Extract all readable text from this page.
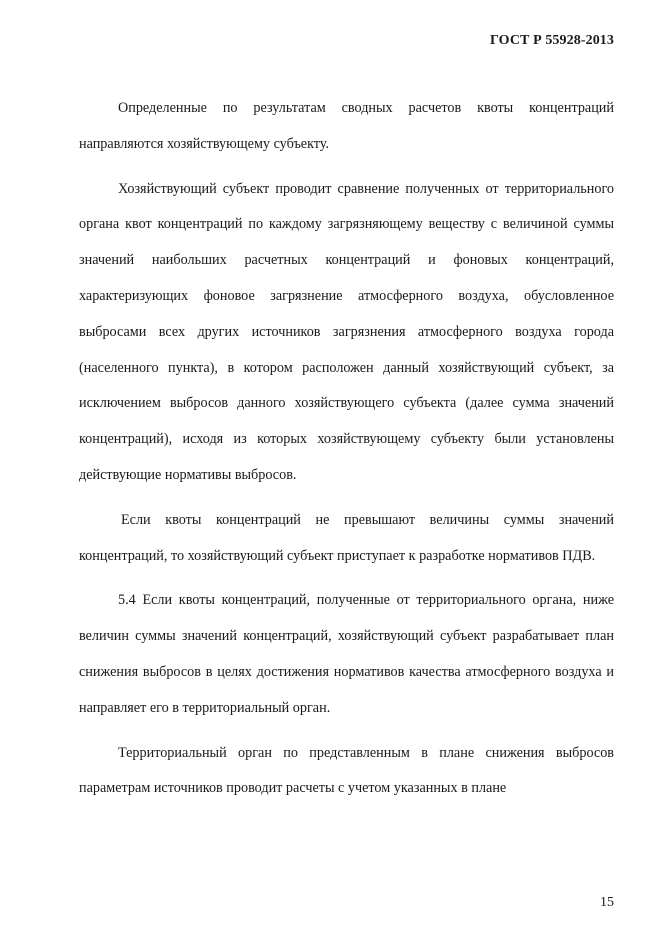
ГОСТ Р 55928-2013

Определенные по результатам сводных расчетов квоты концентраций направляются хозяйствующему субъекту.

Хозяйствующий субъект проводит сравнение полученных от территориального органа квот концентраций по каждому загрязняющему веществу с величиной суммы значений наибольших расчетных концентраций и фоновых концентраций, характеризующих фоновое загрязнение атмосферного воздуха, обусловленное выбросами всех других источников загрязнения атмосферного воздуха города (населенного пункта), в котором расположен данный хозяйствующий субъект, за исключением выбросов данного хозяйствующего субъекта (далее сумма значений концентраций), исходя из которых хозяйствующему субъекту были установлены действующие нормативы выбросов.

Если квоты концентраций не превышают величины суммы значений концентраций, то хозяйствующий субъект приступает к разработке нормативов ПДВ.

5.4 Если квоты концентраций, полученные от территориального органа, ниже величин суммы значений концентраций, хозяйствующий субъект разрабатывает план снижения выбросов в целях достижения нормативов качества атмосферного воздуха и направляет его в территориальный орган.

Территориальный орган по представленным в плане снижения выбросов параметрам источников проводит расчеты с учетом указанных в плане

15
